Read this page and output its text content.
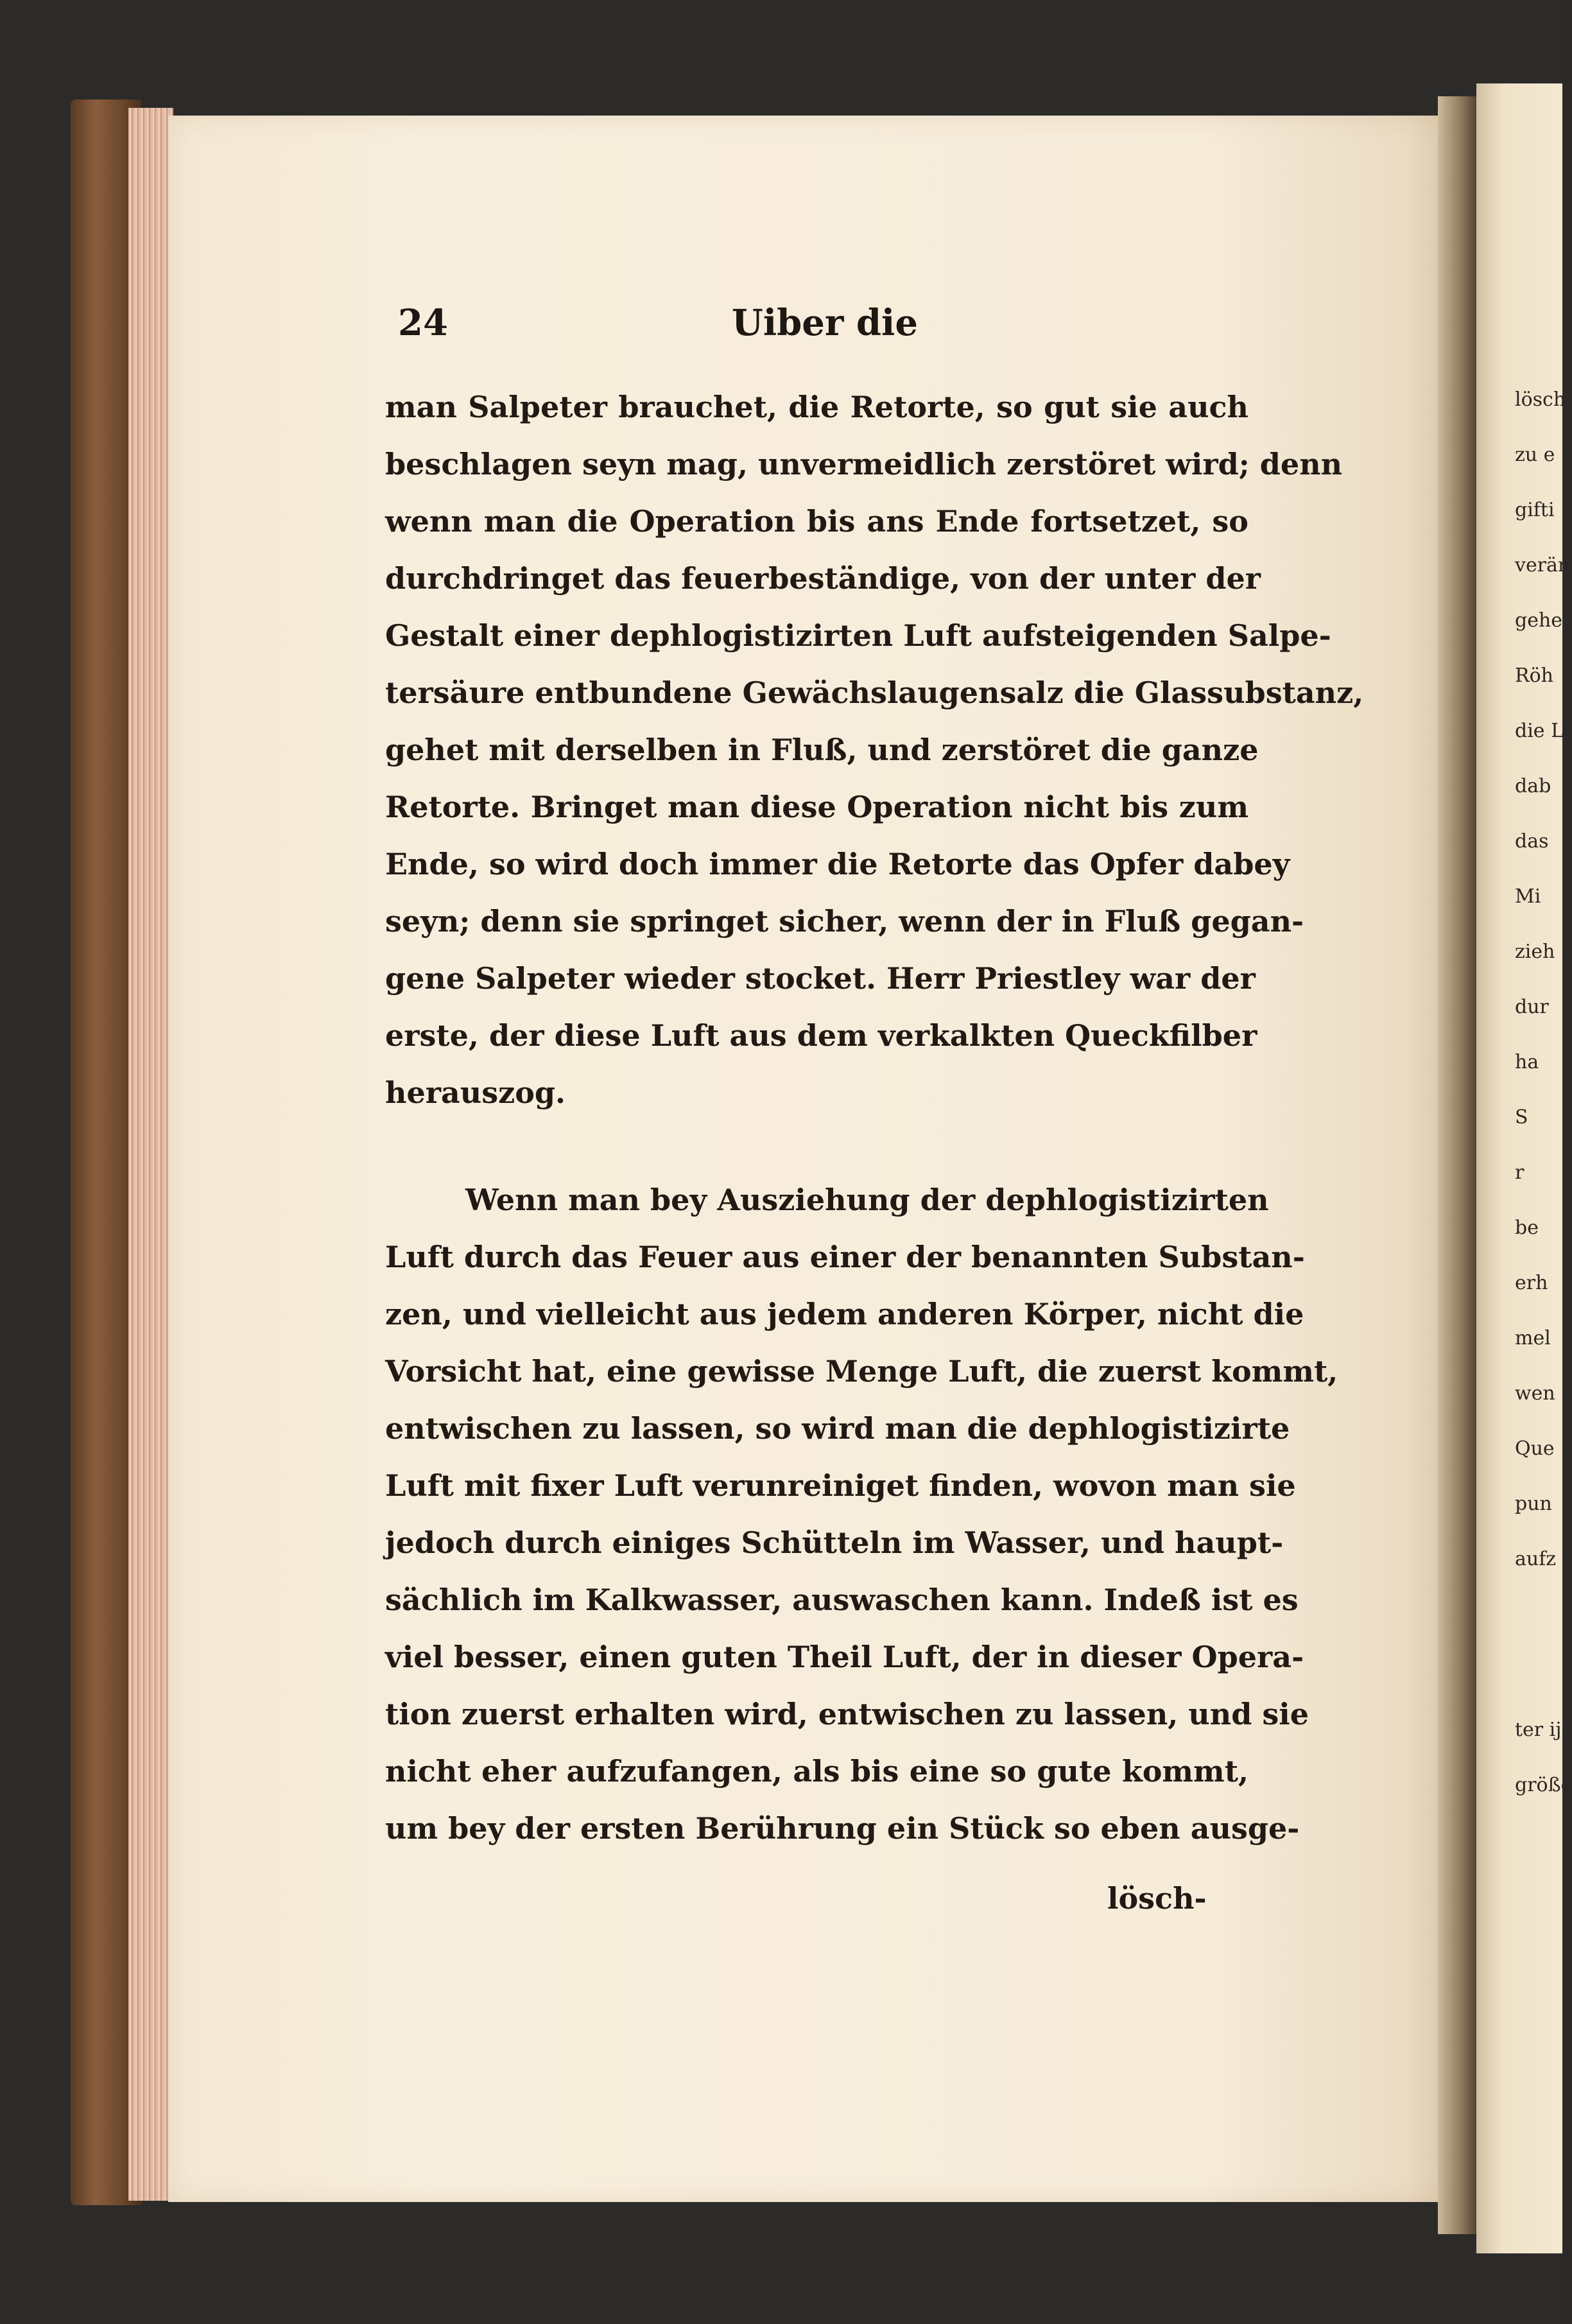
lösch
zu e
gifti
verän
gehe
Röh
die L
dab
das
Mi
zieh
dur
ha
S
r
be
erh
mel
wen
Que
pun
aufz
ter ij
größe
24	Uiber die
man Salpeter brauchet, die Retorte, so gut sie auch
beschlagen seyn mag, unvermeidlich zerstöret wird; denn
wenn man die Operation bis ans Ende fortsetzet, so
durchdringet das feuerbeständige, von der unter der
Gestalt einer dephlogistizirten Luft aufsteigenden Salpe-
tersäure entbundene Gewächslaugensalz die Glassubstanz,
gehet mit derselben in Fluß, und zerstöret die ganze
Retorte. Bringet man diese Operation nicht bis zum
Ende, so wird doch immer die Retorte das Opfer dabey
seyn; denn sie springet sicher, wenn der in Fluß gegan-
gene Salpeter wieder stocket. Herr Priestley war der
erste, der diese Luft aus dem verkalkten Queckfilber
herauszog.
Wenn man bey Ausziehung der dephlogistizirten
Luft durch das Feuer aus einer der benannten Substan-
zen, und vielleicht aus jedem anderen Körper, nicht die
Vorsicht hat, eine gewisse Menge Luft, die zuerst kommt,
entwischen zu lassen, so wird man die dephlogistizirte
Luft mit fixer Luft verunreiniget finden, wovon man sie
jedoch durch einiges Schütteln im Wasser, und haupt-
sächlich im Kalkwasser, auswaschen kann. Indeß ist es
viel besser, einen guten Theil Luft, der in dieser Opera-
tion zuerst erhalten wird, entwischen zu lassen, und sie
nicht eher aufzufangen, als bis eine so gute kommt,
um bey der ersten Berührung ein Stück so eben ausge-
lösch-
